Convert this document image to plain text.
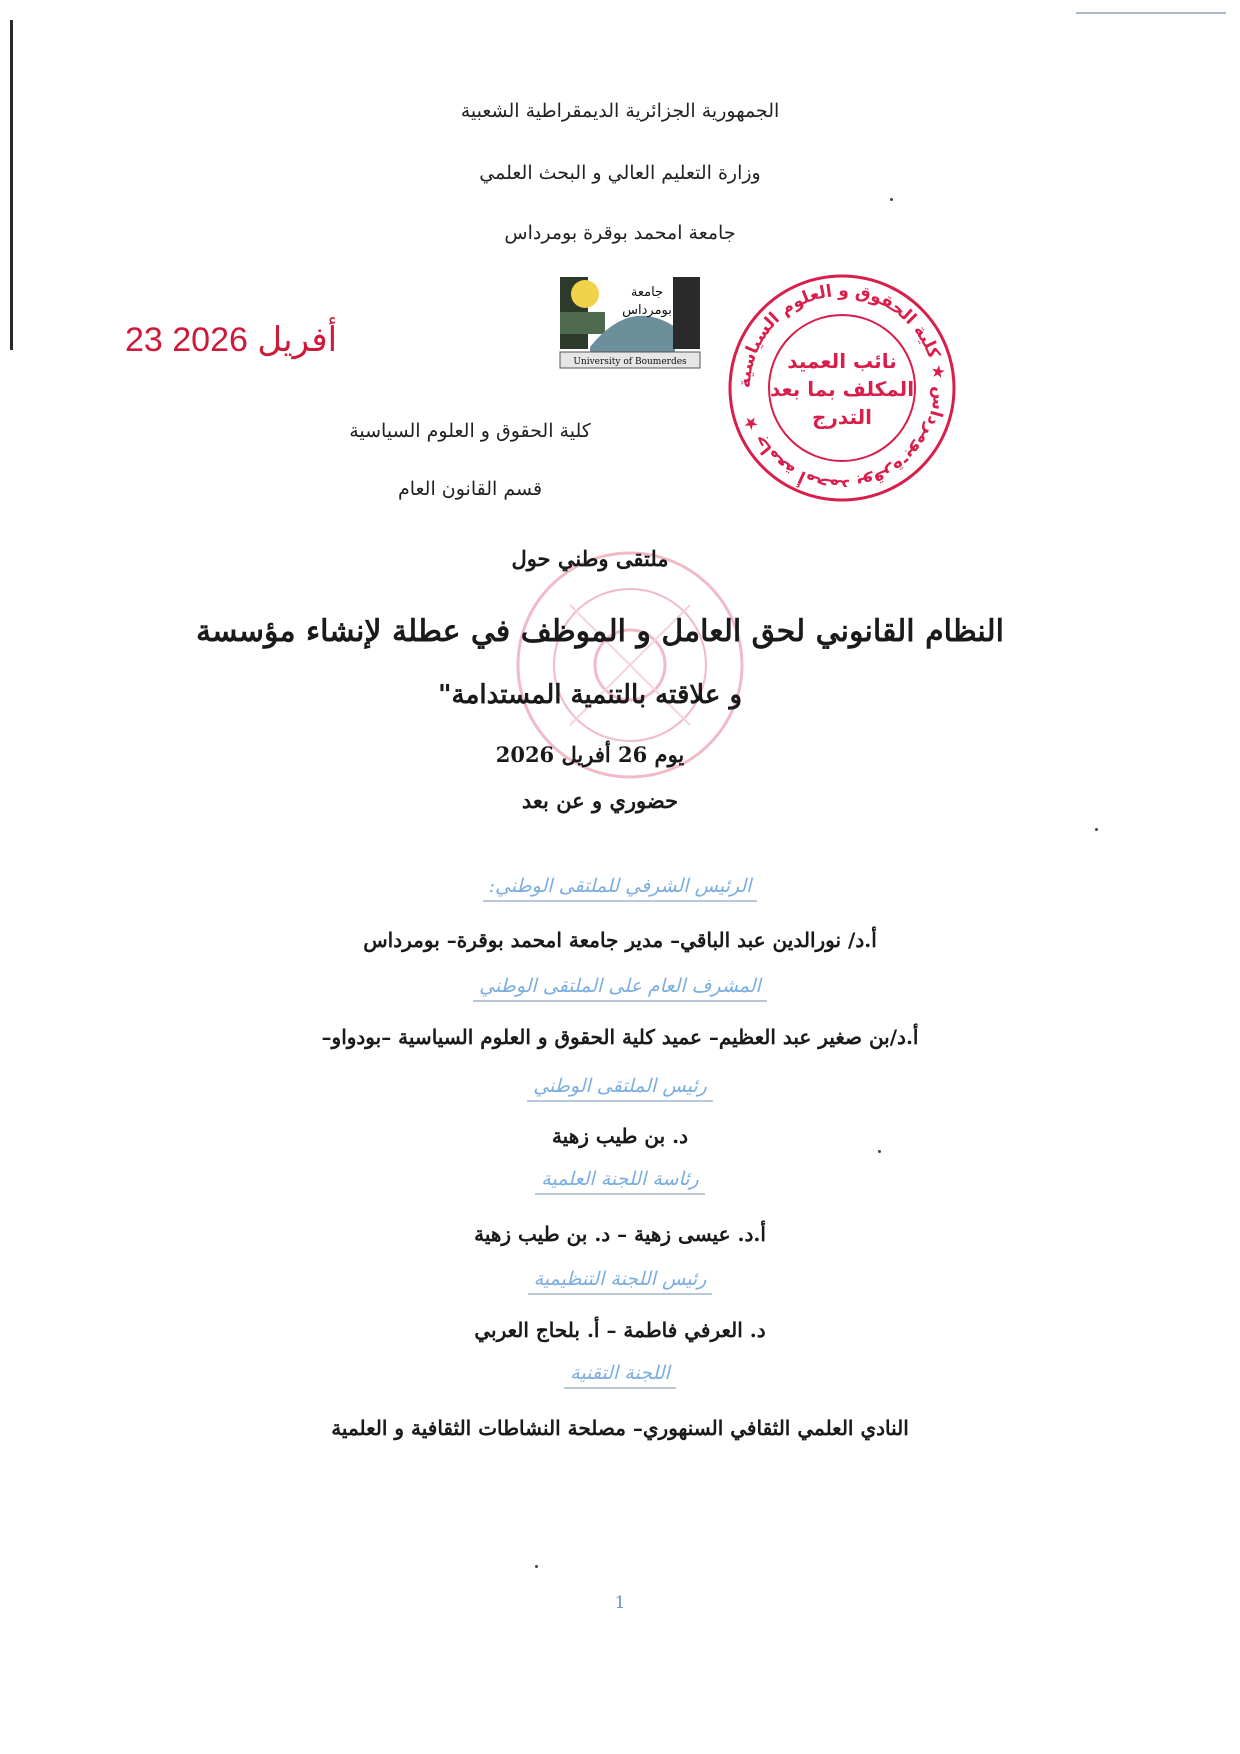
الجمهورية الجزائرية الديمقراطية الشعبية
وزارة التعليم العالي و البحث العلمي
جامعة امحمد بوقرة بومرداس
جامعة
بومرداس
University of Boumerdes
23 أفريل 2026
جامعة أمحمد بوقرة-بومرداس ★ كلية الحقوق و العلوم السياسية ★
نائب العميد
المكلف بما بعد
التدرج
كلية الحقوق و العلوم السياسية
قسم القانون العام
ملتقى وطني حول
النظام القانوني لحق العامل و الموظف في عطلة لإنشاء مؤسسة
و علاقته بالتنمية المستدامة"
يوم 26 أفريل 2026
حضوري و عن بعد
الرئيس الشرفي للملتقى الوطني:
أ.د/ نورالدين عبد الباقي– مدير جامعة امحمد بوقرة– بومرداس
المشرف العام على الملتقى الوطني
أ.د/بن صغير عبد العظيم– عميد كلية الحقوق و العلوم السياسية –بودواو–
رئيس الملتقى الوطني
د. بن طيب زهية
رئاسة اللجنة العلمية
أ.د. عيسى زهية – د. بن طيب زهية
رئيس اللجنة التنظيمية
د. العرفي فاطمة – أ. بلحاج العربي
اللجنة التقنية
النادي العلمي الثقافي السنهوري– مصلحة النشاطات الثقافية و العلمية
1
